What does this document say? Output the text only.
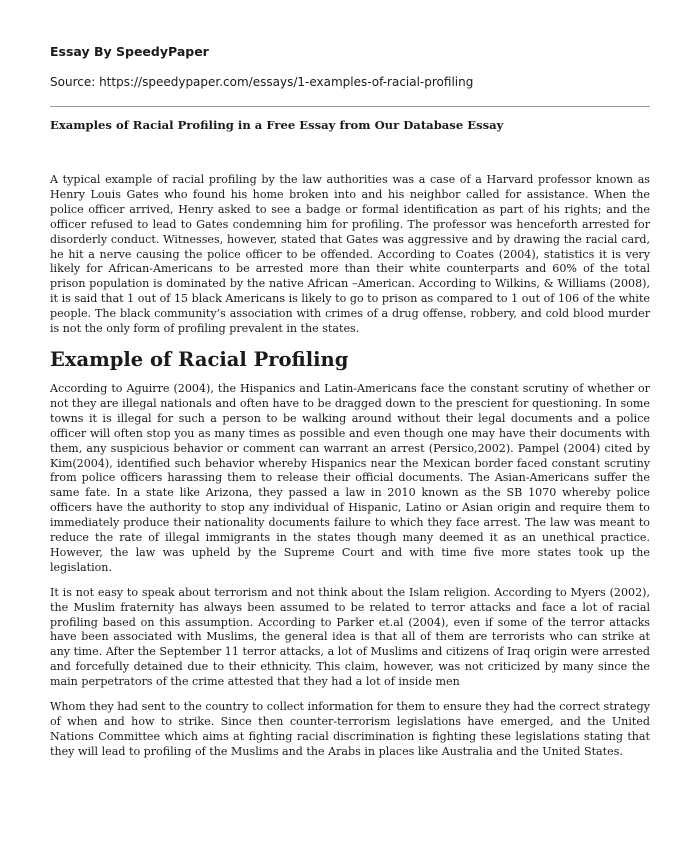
Essay By SpeedyPaper
Source: https://speedypaper.com/essays/1-examples-of-racial-profiling
Examples of Racial Profiling in a Free Essay from Our Database Essay

A typical example of racial profiling by the law authorities was a case of a Harvard professor known as Henry Louis Gates who found his home broken into and his neighbor called for assistance. When the police officer arrived, Henry asked to see a badge or formal identification as part of his rights; and the officer refused to lead to Gates condemning him for profiling. The professor was henceforth arrested for disorderly conduct. Witnesses, however, stated that Gates was aggressive and by drawing the racial card, he hit a nerve causing the police officer to be offended. According to Coates (2004), statistics it is very likely for African-Americans to be arrested more than their white counterparts and 60% of the total prison population is dominated by the native African –American. According to Wilkins, & Williams (2008), it is said that 1 out of 15 black Americans is likely to go to prison as compared to 1 out of 106 of the white people. The black community’s association with crimes of a drug offense, robbery, and cold blood murder is not the only form of profiling prevalent in the states.

Example of Racial Profiling

According to Aguirre (2004), the Hispanics and Latin-Americans face the constant scrutiny of whether or not they are illegal nationals and often have to be dragged down to the prescient for questioning. In some towns it is illegal for such a person to be walking around without their legal documents and a police officer will often stop you as many times as possible and even though one may have their documents with them, any suspicious behavior or comment can warrant an arrest (Persico,2002). Pampel (2004) cited by Kim(2004), identified such behavior whereby Hispanics near the Mexican border faced constant scrutiny from police officers harassing them to release their official documents. The Asian-Americans suffer the same fate. In a state like Arizona, they passed a law in 2010 known as the SB 1070 whereby police officers have the authority to stop any individual of Hispanic, Latino or Asian origin and require them to immediately produce their nationality documents failure to which they face arrest. The law was meant to reduce the rate of illegal immigrants in the states though many deemed it as an unethical practice. However, the law was upheld by the Supreme Court and with time five more states took up the legislation.

It is not easy to speak about terrorism and not think about the Islam religion. According to Myers (2002), the Muslim fraternity has always been assumed to be related to terror attacks and face a lot of racial profiling based on this assumption. According to Parker et.al (2004), even if some of the terror attacks have been associated with Muslims, the general idea is that all of them are terrorists who can strike at any time. After the September 11 terror attacks, a lot of Muslims and citizens of Iraq origin were arrested and forcefully detained due to their ethnicity. This claim, however, was not criticized by many since the main perpetrators of the crime attested that they had a lot of inside men

Whom they had sent to the country to collect information for them to ensure they had the correct strategy of when and how to strike. Since then counter-terrorism legislations have emerged, and the United Nations Committee which aims at fighting racial discrimination is fighting these legislations stating that they will lead to profiling of the Muslims and the Arabs in places like Australia and the United States.
